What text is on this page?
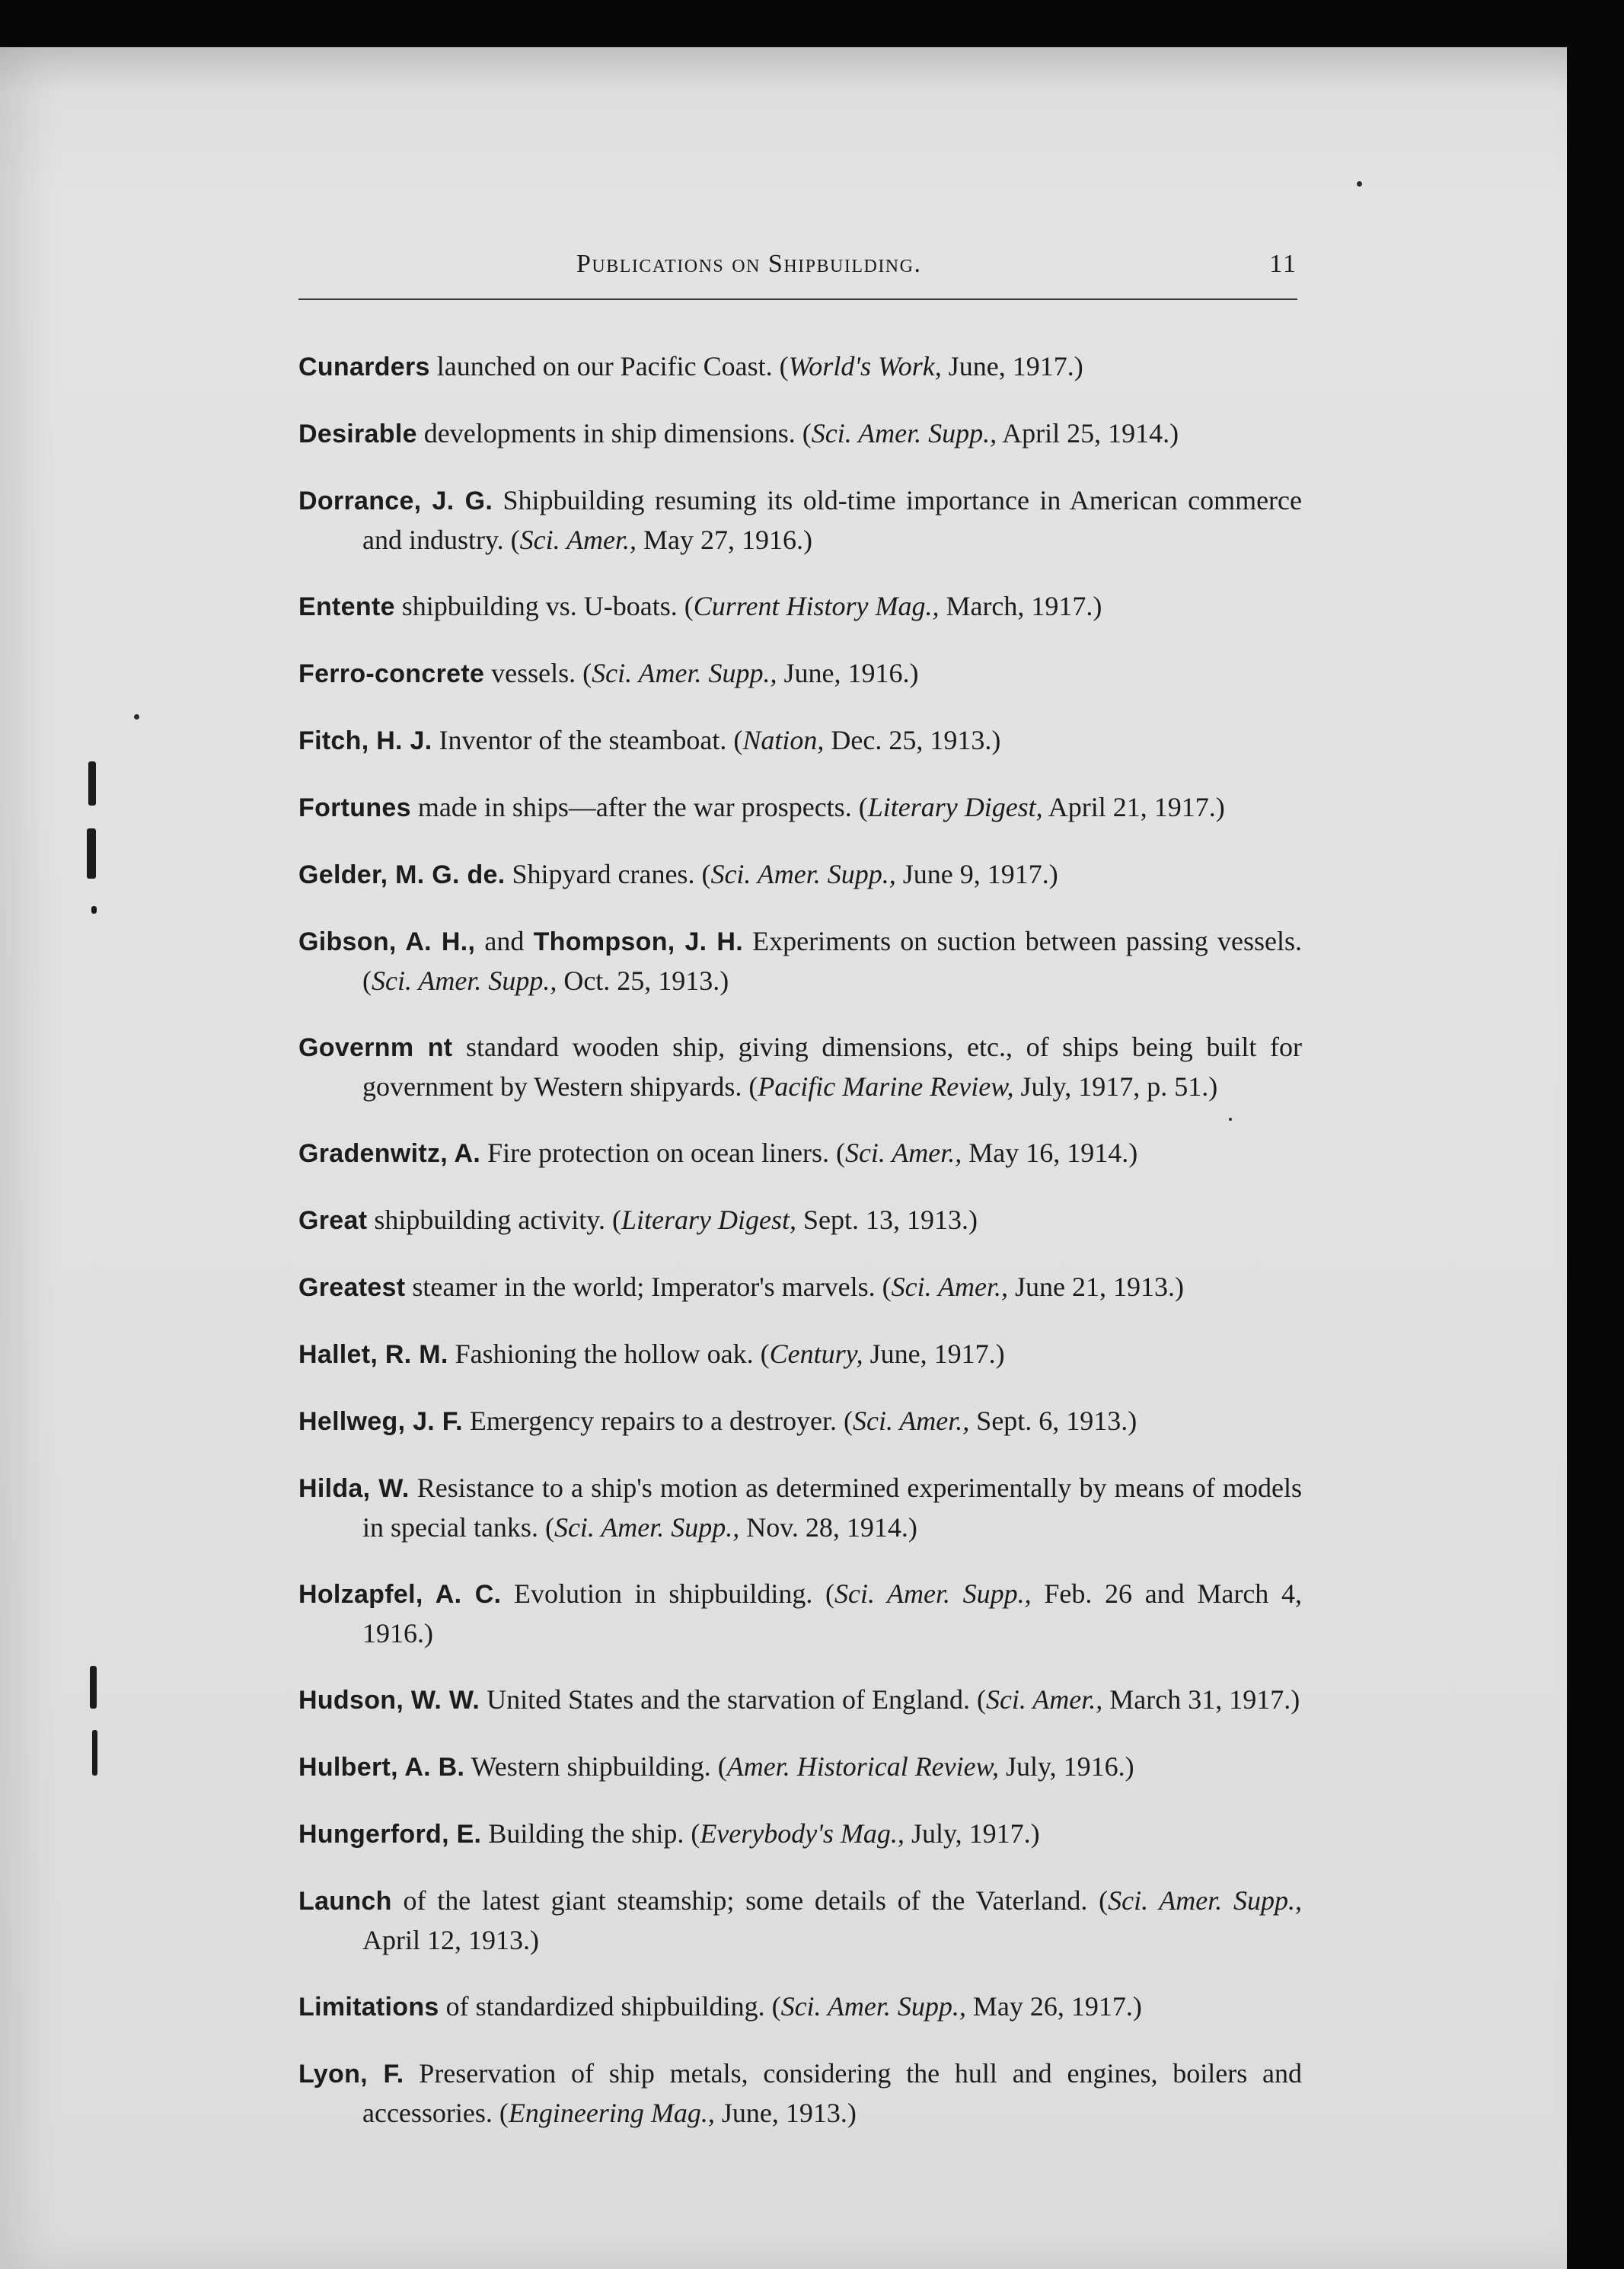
Publications on Shipbuilding.	11

Cunarders launched on our Pacific Coast. (World's Work, June, 1917.)

Desirable developments in ship dimensions. (Sci. Amer. Supp., April 25, 1914.)

Dorrance, J. G. Shipbuilding resuming its old-time importance in American commerce and industry. (Sci. Amer., May 27, 1916.)

Entente shipbuilding vs. U-boats. (Current History Mag., March, 1917.)

Ferro-concrete vessels. (Sci. Amer. Supp., June, 1916.)

Fitch, H. J. Inventor of the steamboat. (Nation, Dec. 25, 1913.)

Fortunes made in ships—after the war prospects. (Literary Digest, April 21, 1917.)

Gelder, M. G. de. Shipyard cranes. (Sci. Amer. Supp., June 9, 1917.)

Gibson, A. H., and Thompson, J. H. Experiments on suction between passing vessels. (Sci. Amer. Supp., Oct. 25, 1913.)

Governm nt standard wooden ship, giving dimensions, etc., of ships being built for government by Western shipyards. (Pacific Marine Review, July, 1917, p. 51.)

Gradenwitz, A. Fire protection on ocean liners. (Sci. Amer., May 16, 1914.)

Great shipbuilding activity. (Literary Digest, Sept. 13, 1913.)

Greatest steamer in the world; Imperator's marvels. (Sci. Amer., June 21, 1913.)

Hallet, R. M. Fashioning the hollow oak. (Century, June, 1917.)

Hellweg, J. F. Emergency repairs to a destroyer. (Sci. Amer., Sept. 6, 1913.)

Hilda, W. Resistance to a ship's motion as determined experimentally by means of models in special tanks. (Sci. Amer. Supp., Nov. 28, 1914.)

Holzapfel, A. C. Evolution in shipbuilding. (Sci. Amer. Supp., Feb. 26 and March 4, 1916.)

Hudson, W. W. United States and the starvation of England. (Sci. Amer., March 31, 1917.)

Hulbert, A. B. Western shipbuilding. (Amer. Historical Review, July, 1916.)

Hungerford, E. Building the ship. (Everybody's Mag., July, 1917.)

Launch of the latest giant steamship; some details of the Vaterland. (Sci. Amer. Supp., April 12, 1913.)

Limitations of standardized shipbuilding. (Sci. Amer. Supp., May 26, 1917.)

Lyon, F. Preservation of ship metals, considering the hull and engines, boilers and accessories. (Engineering Mag., June, 1913.)
